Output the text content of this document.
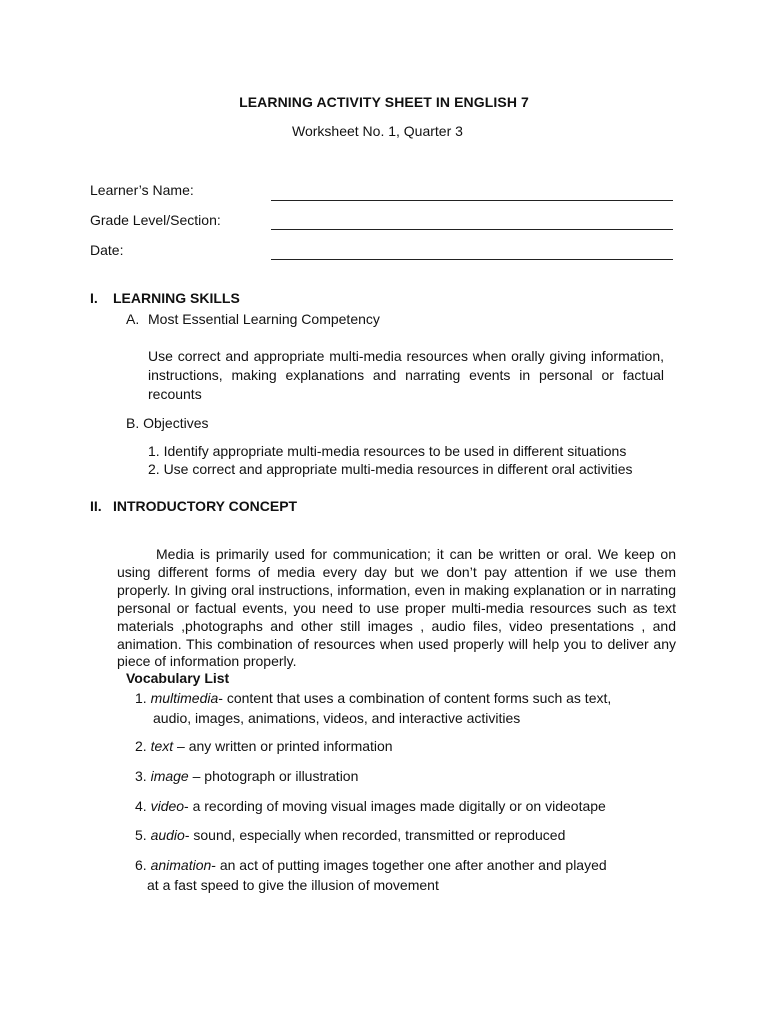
LEARNING ACTIVITY SHEET IN ENGLISH 7
Worksheet No. 1, Quarter 3
Learner’s Name:
Grade Level/Section:
Date:
I. LEARNING SKILLS
A. Most Essential Learning Competency
Use correct and appropriate multi-media resources when orally giving information, instructions, making explanations and narrating events in personal or factual recounts
B. Objectives
1. Identify appropriate multi-media resources to be used in different situations
2. Use correct and appropriate multi-media resources in different oral activities
II. INTRODUCTORY CONCEPT
Media is primarily used for communication; it can be written or oral. We keep on using different forms of media every day but we don’t pay attention if we use them properly. In giving oral instructions, information, even in making explanation or in narrating personal or factual events, you need to use proper multi-media resources such as text materials ,photographs and other still images , audio files, video presentations , and animation. This combination of resources when used properly will help you to deliver any piece of information properly.
Vocabulary List
1. multimedia- content that uses a combination of content forms such as text,
audio, images, animations, videos, and interactive activities
2. text – any written or printed information
3. image – photograph or illustration
4. video- a recording of moving visual images made digitally or on videotape
5. audio- sound, especially when recorded, transmitted or reproduced
6. animation- an act of putting images together one after another and played
at a fast speed to give the illusion of movement
